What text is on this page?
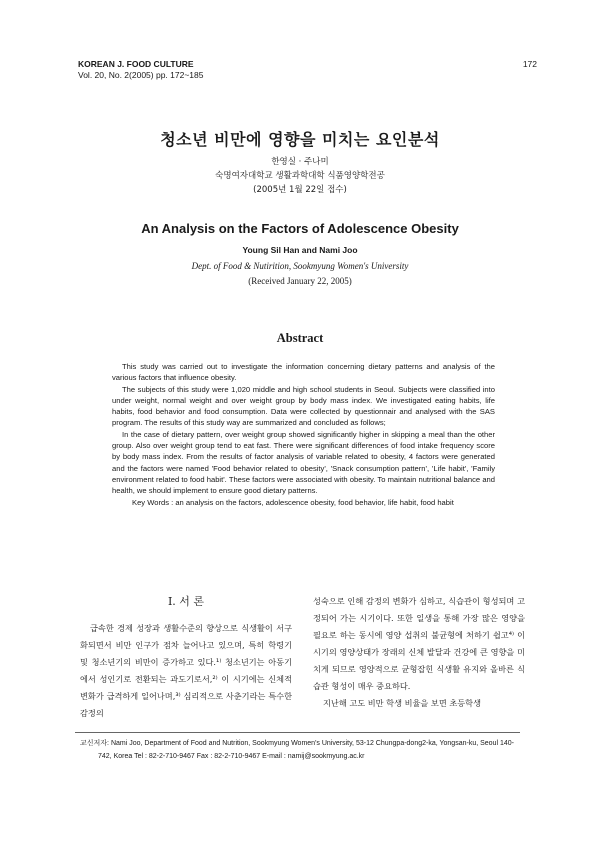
KOREAN J. FOOD CULTURE
Vol. 20, No. 2(2005) pp. 172~185
172
청소년 비만에 영향을 미치는 요인분석
한영실 · 주나미
숙명여자대학교 생활과학대학 식품영양학전공
(2005년 1월 22일 접수)
An Analysis on the Factors of Adolescence Obesity
Young Sil Han and Nami Joo
Dept. of Food & Nutirition, Sookmyung Women's University
(Received January 22, 2005)
Abstract

This study was carried out to investigate the information concerning dietary patterns and analysis of the various factors that influence obesity.

The subjects of this study were 1,020 middle and high school students in Seoul. Subjects were classified into under weight, normal weight and over weight group by body mass index. We investigated eating habits, life habits, food behavior and food consumption. Data were collected by questionnair and analysed with the SAS program. The results of this study way are summarized and concluded as follows;

In the case of dietary pattern, over weight group showed significantly higher in skipping a meal than the other group. Also over weight group tend to eat fast. There were significant differences of food intake frequency score by body mass index. From the results of factor analysis of variable related to obesity, 4 factors were generated and the factors were named 'Food behavior related to obesity', 'Snack consumption pattern', 'Life habit', 'Family environment related to food habit'. These factors were associated with obesity. To maintain nutritional balance and health, we should implement to ensure good dietary patterns.

Key Words : an analysis on the factors, adolescence obesity, food behavior, life habit, food habit

I. 서 론

급속한 경제 성장과 생활수준의 향상으로 식생활이 서구화되면서 비만 인구가 점차 늘어나고 있으며, 특히 학령기 및 청소년기의 비만이 증가하고 있다.¹⁾ 청소년기는 아동기에서 성인기로 전환되는 과도기로서,²⁾ 이 시기에는 신체적 변화가 급격하게 일어나며,³⁾ 심리적으로 사춘기라는 특수한 감정의

성숙으로 인해 감정의 변화가 심하고, 식습관이 형성되며 고정되어 가는 시기이다. 또한 일생을 통해 가장 많은 영양을 필요로 하는 동시에 영양 섭취의 불균형에 처하기 쉽고⁴⁾ 이 시기의 영양상태가 장래의 신체 발달과 건강에 큰 영향을 미치게 되므로 영양적으로 균형잡힌 식생활 유지와 올바른 식습관 형성이 매우 중요하다.

지난해 고도 비만 학생 비율을 보면 초등학생

교신저자: Nami Joo, Department of Food and Nutrition, Sookmyung Women's University, 53-12 Chungpa-dong2-ka, Yongsan-ku, Seoul 140-
742, Korea Tel : 82-2-710-9467 Fax : 82-2-710-9467 E-mail : namij@sookmyung.ac.kr
